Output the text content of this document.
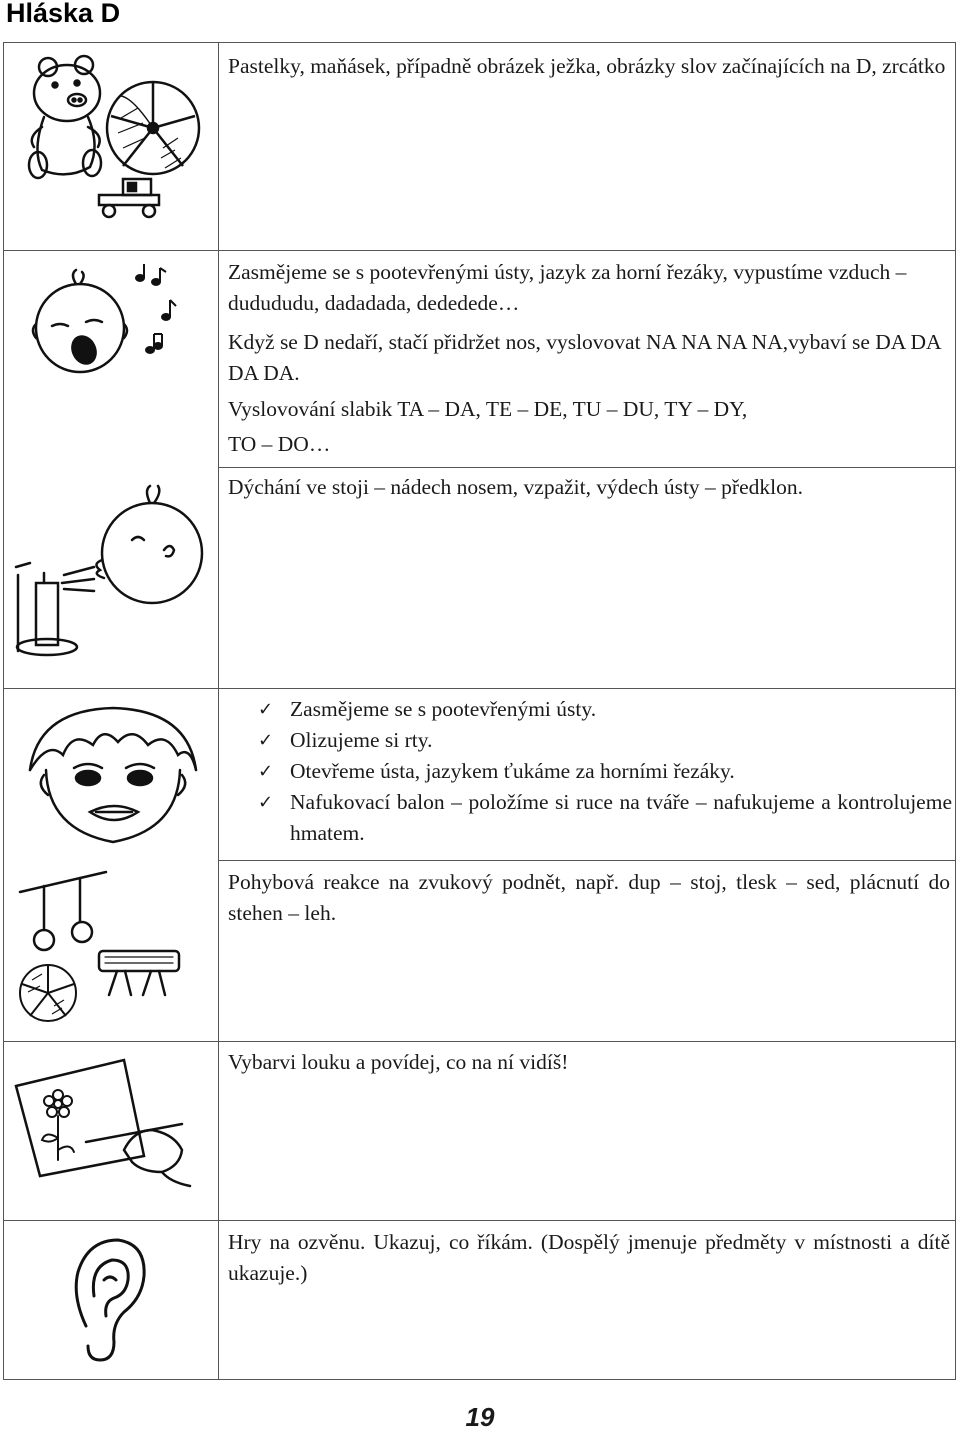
Hláska D

Pastelky, maňásek, případně obrázek ježka, obrázky slov začínajících na D, zrcátko

Zasmějeme se s pootevřenými ústy, jazyk za horní řezáky, vypustíme vzduch – dudududu, dadadada, dededede…

Když se D nedaří, stačí přidržet nos, vyslovovat NA NA NA NA,vybaví se DA DA DA DA.

Vyslovování slabik TA – DA, TE – DE, TU – DU, TY – DY,

TO – DO…

Dýchání ve stoji – nádech nosem, vzpažit, výdech ústy – předklon.

✓ Zasmějeme se s pootevřenými ústy.
✓ Olizujeme si rty.
✓ Otevřeme ústa, jazykem ťukáme za horními řezáky.
✓ Nafukovací balon – položíme si ruce na tváře – nafukujeme a kontrolujeme hmatem.

Pohybová reakce na zvukový podnět, např. dup – stoj, tlesk – sed, plácnutí do stehen – leh.

Vybarvi louku a povídej, co na ní vidíš!

Hry na ozvěnu. Ukazuj, co říkám. (Dospělý jmenuje předměty v místnosti a dítě ukazuje.)

19
